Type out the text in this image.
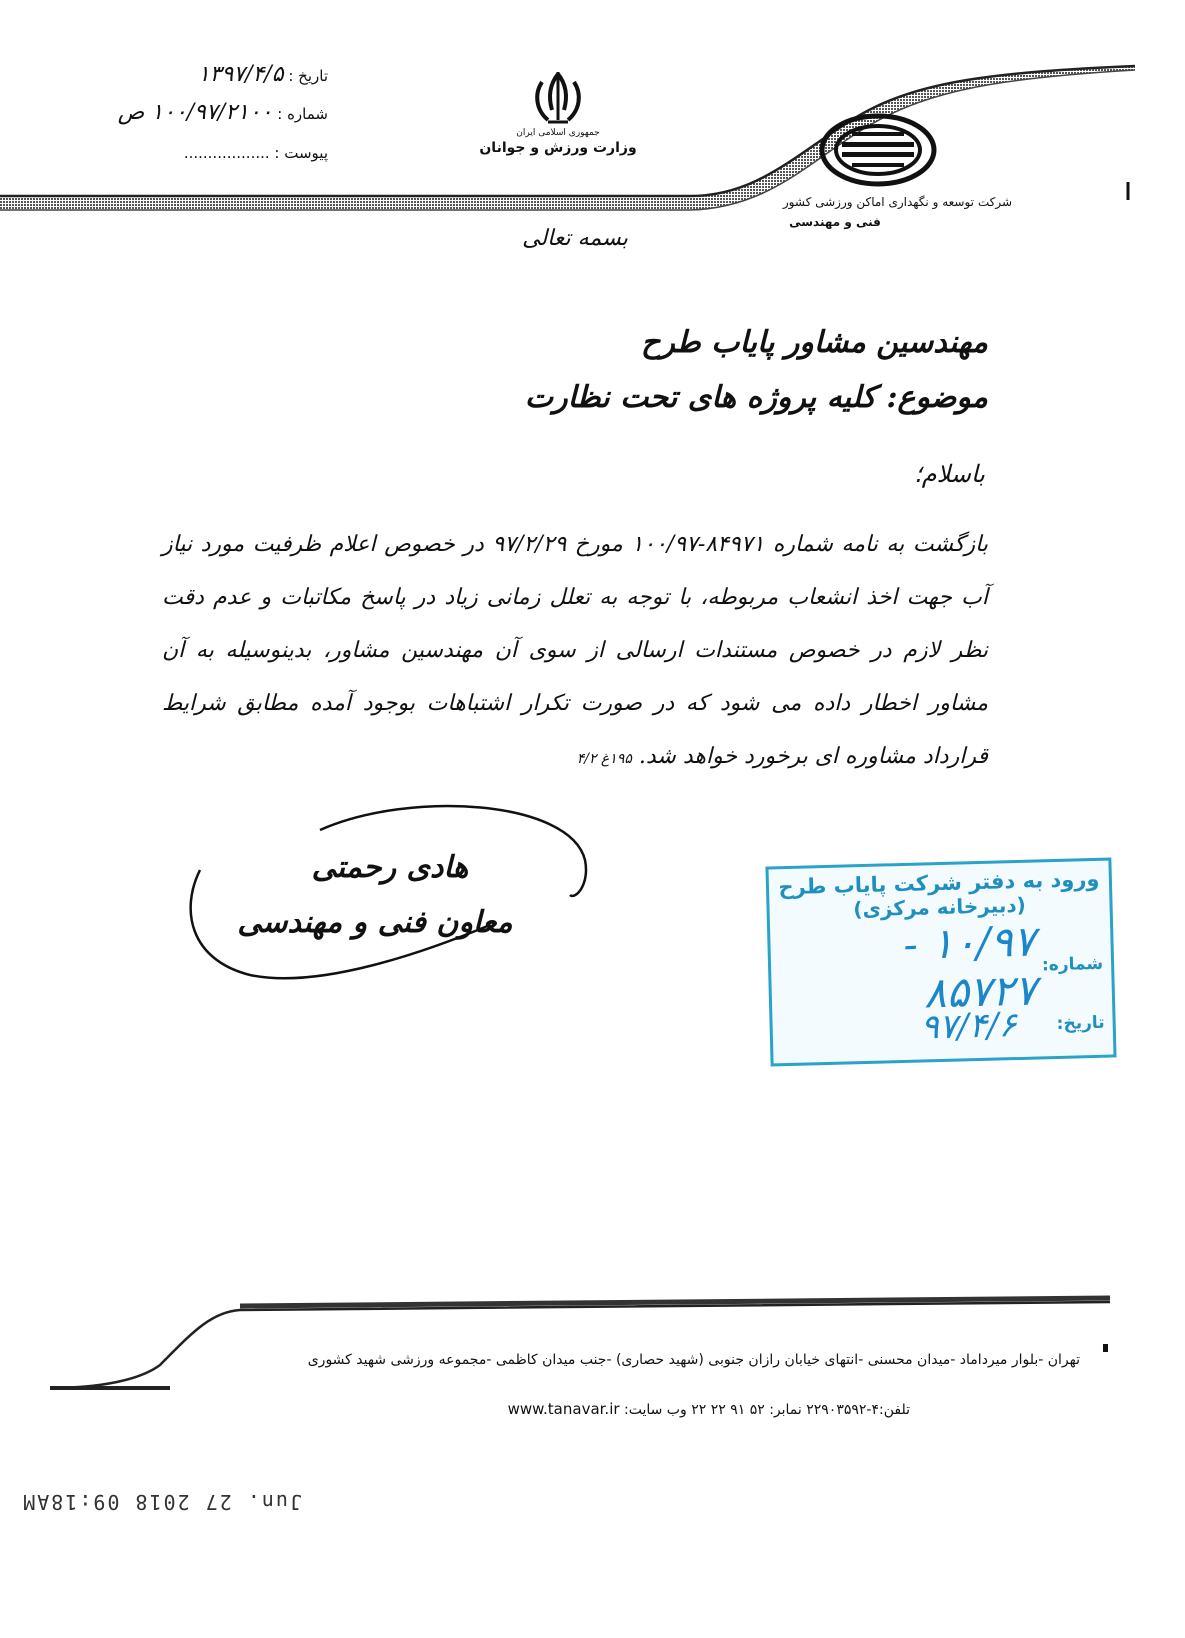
جمهوری اسلامی ایران
وزارت ورزش و جوانان
شرکت توسعه و نگهداری اماکن ورزشی کشور
فنی و مهندسی
تاریخ : ۱۳۹۷/۴/۵
شماره : ۱۰۰/۹۷/۲۱۰۰ ص
پیوست : ..................
بسمه تعالی
مهندسین مشاور پایاب طرح
موضوع: کلیه پروژه های تحت نظارت
باسلام؛
بازگشت به نامه شماره ۸۴۹۷۱-۱۰۰/۹۷ مورخ ۹۷/۲/۲۹ در خصوص اعلام ظرفیت مورد نیاز آب جهت اخذ انشعاب مربوطه، با توجه به تعلل زمانی زیاد در پاسخ مکاتبات و عدم دقت نظر لازم در خصوص مستندات ارسالی از سوی آن مهندسین مشاور، بدینوسیله به آن مشاور اخطار داده می شود که در صورت تکرار اشتباهات بوجود آمده مطابق شرایط قرارداد مشاوره ای برخورد خواهد شد. ۱۹۵غ ۴/۲
هادی رحمتی
معاون فنی و مهندسی
ورود به دفتر شرکت پایاب طرح
(دبیرخانه مرکزی)
شماره:
۱۰/۹۷ - ۸۵۷۲۷
تاریخ:
۹۷/۴/۶
تهران -بلوار میرداماد -میدان محسنی -انتهای خیابان رازان جنوبی (شهید حصاری) -جنب میدان کاظمی -مجموعه ورزشی شهید کشوری
تلفن:۴-۲۲۹۰۳۵۹۲ نمابر: ۵۲ ۹۱ ۲۲ ۲۲ وب سایت: www.tanavar.ir
Jun. 27 2018 09:18AM
